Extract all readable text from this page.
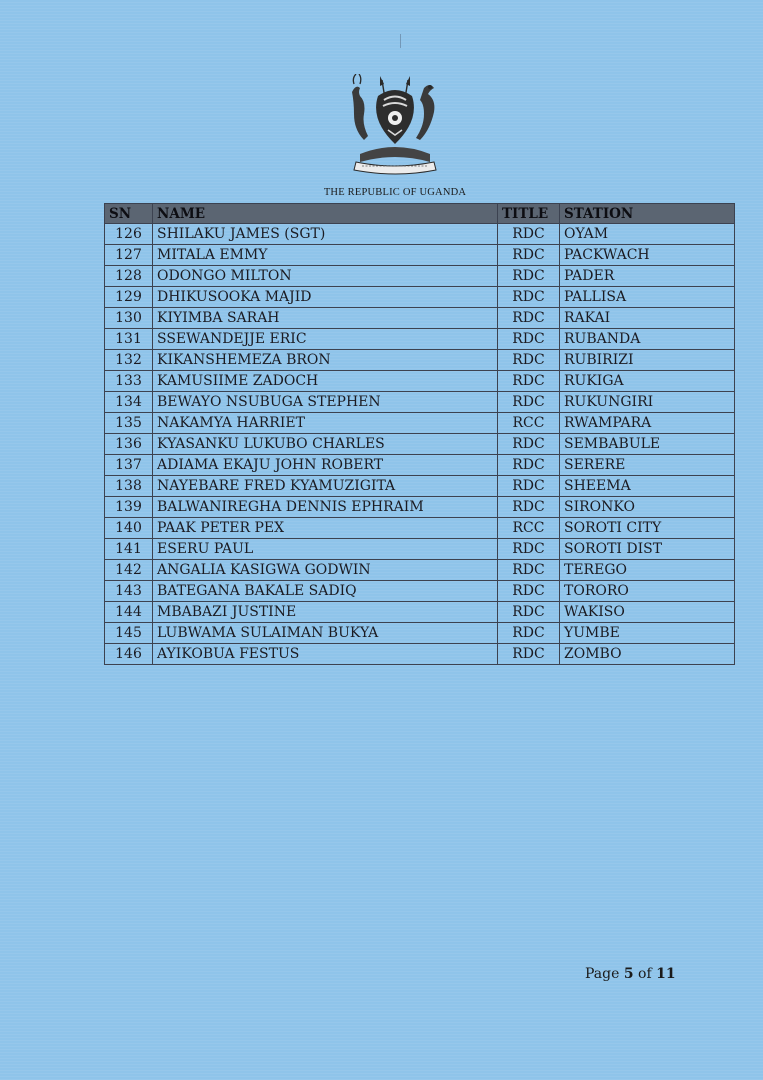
THE REPUBLIC OF UGANDA
SN	NAME	TITLE	STATION
126	SHILAKU JAMES (SGT)	RDC	OYAM
127	MITALA EMMY	RDC	PACKWACH
128	ODONGO MILTON	RDC	PADER
129	DHIKUSOOKA MAJID	RDC	PALLISA
130	KIYIMBA SARAH	RDC	RAKAI
131	SSEWANDEJJE ERIC	RDC	RUBANDA
132	KIKANSHEMEZA BRON	RDC	RUBIRIZI
133	KAMUSIIME ZADOCH	RDC	RUKIGA
134	BEWAYO NSUBUGA STEPHEN	RDC	RUKUNGIRI
135	NAKAMYA HARRIET	RCC	RWAMPARA
136	KYASANKU LUKUBO CHARLES	RDC	SEMBABULE
137	ADIAMA EKAJU JOHN ROBERT	RDC	SERERE
138	NAYEBARE FRED KYAMUZIGITA	RDC	SHEEMA
139	BALWANIREGHA DENNIS EPHRAIM	RDC	SIRONKO
140	PAAK PETER PEX	RCC	SOROTI CITY
141	ESERU PAUL	RDC	SOROTI DIST
142	ANGALIA KASIGWA GODWIN	RDC	TEREGO
143	BATEGANA BAKALE SADIQ	RDC	TORORO
144	MBABAZI JUSTINE	RDC	WAKISO
145	LUBWAMA SULAIMAN BUKYA	RDC	YUMBE
146	AYIKOBUA FESTUS	RDC	ZOMBO
Page 5 of 11
